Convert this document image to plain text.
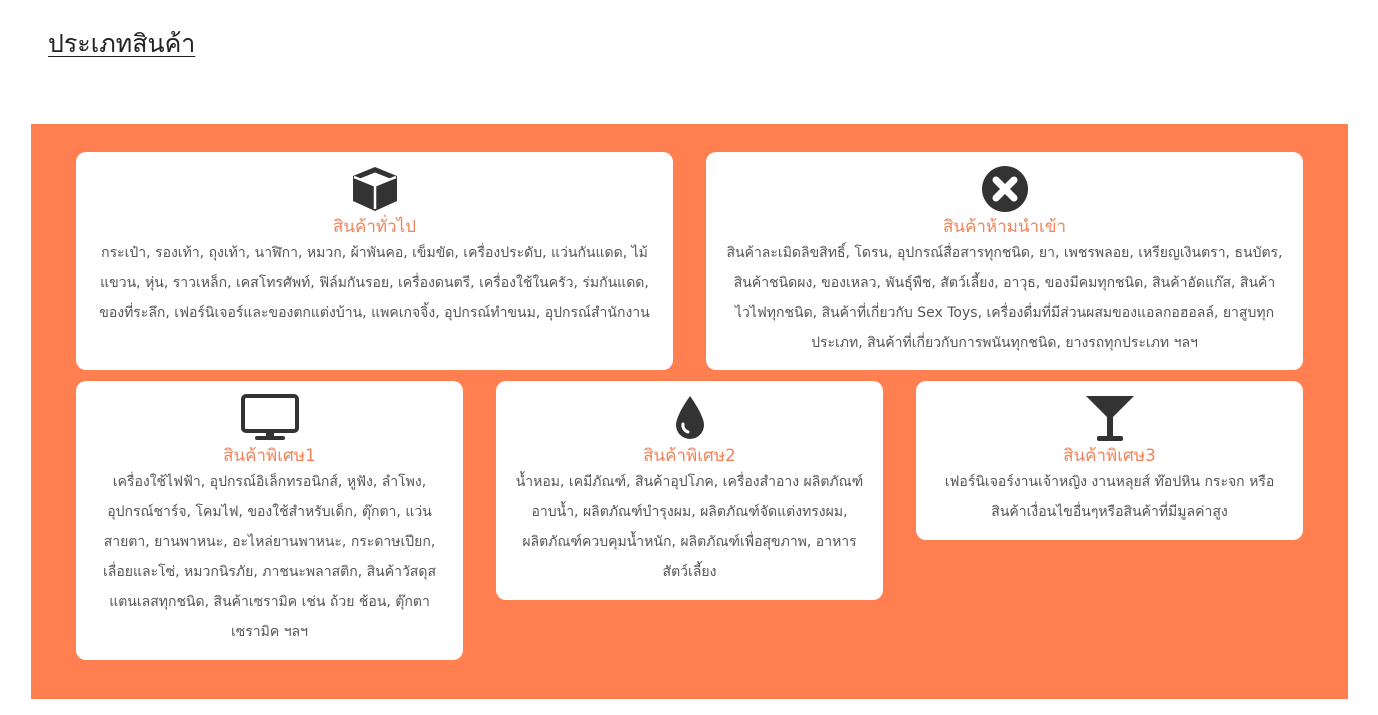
ประเภทสินค้า
สินค้าทั่วไป

กระเป๋า, รองเท้า, ถุงเท้า, นาฬิกา, หมวก, ผ้าพันคอ, เข็มขัด, เครื่องประดับ, แว่นกันแดด, ไม้แขวน, หุ่น, ราวเหล็ก, เคสโทรศัพท์, ฟิล์มกันรอย, เครื่องดนตรี, เครื่องใช้ในครัว, ร่มกันแดด, ของที่ระลึก, เฟอร์นิเจอร์และของตกแต่งบ้าน, แพคเกจจิ้ง, อุปกรณ์ทำขนม, อุปกรณ์สำนักงาน

สินค้าห้ามนำเข้า

สินค้าละเมิดลิขสิทธิ์, โดรน, อุปกรณ์สื่อสารทุกชนิด, ยา, เพชรพลอย, เหรียญเงินตรา, ธนบัตร, สินค้าชนิดผง, ของเหลว, พันธุ์พืช, สัตว์เลี้ยง, อาวุธ, ของมีคมทุกชนิด, สินค้าอัดแก๊ส, สินค้าไวไฟทุกชนิด, สินค้าที่เกี่ยวกับ Sex Toys, เครื่องดื่มที่มีส่วนผสมของแอลกอฮอลล์, ยาสูบทุกประเภท, สินค้าที่เกี่ยวกับการพนันทุกชนิด, ยางรถทุกประเภท ฯลฯ

สินค้าพิเศษ1

เครื่องใช้ไฟฟ้า, อุปกรณ์อิเล็กทรอนิกส์, หูฟัง, ลำโพง, อุปกรณ์ชาร์จ, โคมไฟ, ของใช้สำหรับเด็ก, ตุ๊กตา, แว่นสายตา, ยานพาหนะ, อะไหล่ยานพาหนะ, กระดาษเปียก, เลื่อยและโซ่, หมวกนิรภัย, ภาชนะพลาสติก, สินค้าวัสดุสแตนเลสทุกชนิด, สินค้าเซรามิค เช่น ถ้วย ช้อน, ตุ๊กตาเซรามิค ฯลฯ

สินค้าพิเศษ2

น้ำหอม, เคมีภัณฑ์, สินค้าอุปโภค, เครื่องสำอาง ผลิตภัณฑ์อาบน้ำ, ผลิตภัณฑ์บำรุงผม, ผลิตภัณฑ์จัดแต่งทรงผม, ผลิตภัณฑ์ควบคุมน้ำหนัก, ผลิตภัณฑ์เพื่อสุขภาพ, อาหารสัตว์เลี้ยง

สินค้าพิเศษ3

เฟอร์นิเจอร์งานเจ้าหญิง งานหลุยส์ ท๊อปหิน กระจก หรือสินค้าเงื่อนไขอื่นๆหรือสินค้าที่มีมูลค่าสูง
